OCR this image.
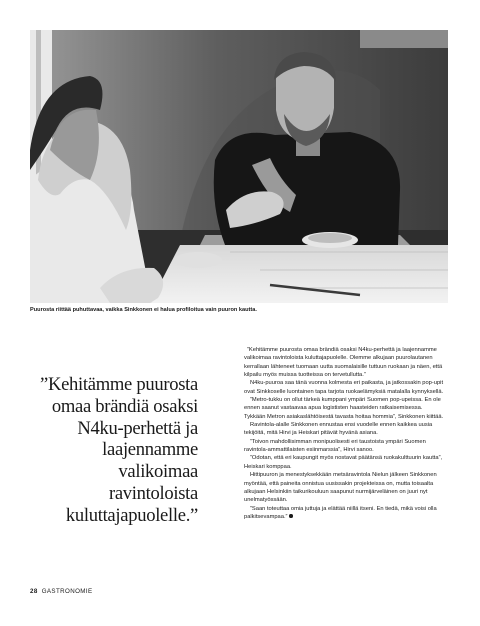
Puurosta riittää puhuttavaa, vaikka Sinkkonen ei halua profiloitua vain puuron kautta.
”Kehitämme puurosta omaa brändiä osaksi N4ku-perhettä ja laajennamme valikoimaa ravintoloista kuluttajapuolelle.”

”Kehitämme puurosta omaa brändiä osaksi N4ku-perhettä ja laajennamme valikoimaa ravintoloista kuluttajapuolelle. Olemme alkujaan puurolautanen kerrallaan lähteneet tuomaan uutta suomalaisille tuttuun ruokaan ja näen, että kilpailu myös muissa tuotteissa on tervetullutta.”

N4ku-puuroa saa tänä vuonna kolmesta eri paikasta, ja jatkossakin pop-upit ovat Sinkkoselle luontainen tapa tarjota ruokaelämyksiä matalalla kynnyksellä.

”Metro-tukku on ollut tärkeä kumppani ympäri Suomen pop-upeissa. En ole ennen saanut vastaavaa apua logististen haasteiden ratkaisemisessa. Tykkään Metron asiakaslähtöisestä tavasta hoitaa hommia”, Sinkkonen kiittää.

Ravintola-alalle Sinkkonen ennustaa ensi vuodelle ennen kaikkea uusia tekijöitä, mitä Hirvi ja Heiskari pitävät hyvänä asiana.

”Toivon mahdollisimman monipuolisesti eri taustoista ympäri Suomen ravintola-ammattilaisten esiinmarssia”, Hirvi sanoo.

”Odotan, että eri kaupungit myös nostavat päätänsä ruokakulttuurin kautta”, Heiskari komppaa.

Hittipuuron ja menestyksekkään metsäravintola Nielun jälkeen Sinkkonen myöntää, että paineita onnistua uusissakin projekteissa on, mutta toisaalta alkujaan Helsinkiin taikurikouluun saapunut nurmijärveläinen on juuri nyt unelmatyössään.

”Saan toteuttaa omia juttuja ja elättää niillä itseni. En tiedä, mikä voisi olla palkitsevampaa.”

28 GASTRONOMIE
